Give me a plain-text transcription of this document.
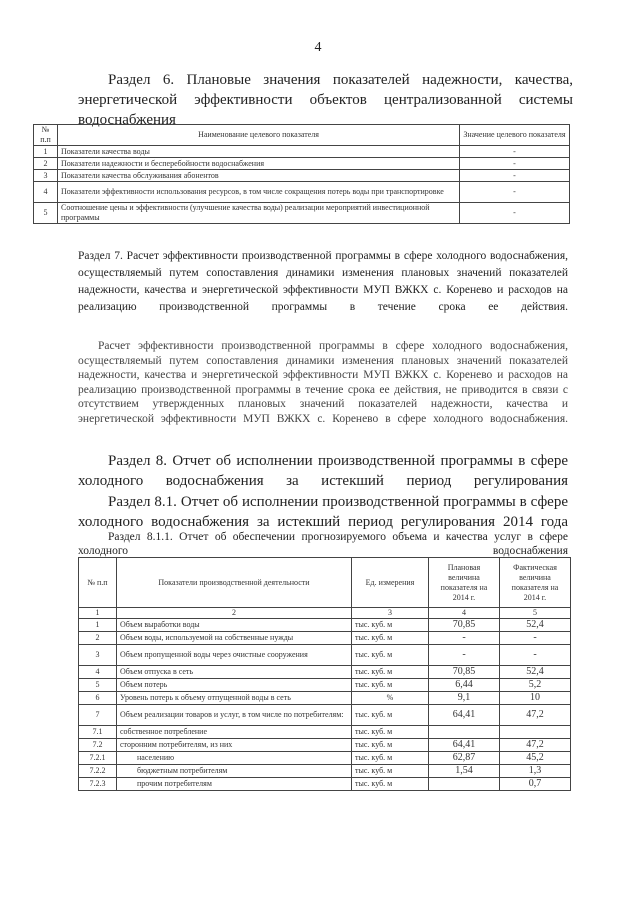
4
Раздел 6. Плановые значения показателей надежности, качества, энергетической эффективности объектов централизованной системы водоснабжения
№ п.п	Наименование целевого показателя	Значение целевого показателя
1	Показатели качества воды	-
2	Показатели надежности и бесперебойности водоснабжения	-
3	Показатели качества обслуживания абонентов	-
4	Показатели эффективности использования ресурсов, в том числе сокращения потерь воды при транспортировке	-
5	Соотношение цены и эффективности (улучшение качества воды) реализации мероприятий инвестиционной программы	-
Раздел 7. Расчет эффективности производственной программы в сфере холодного водоснабжения, осуществляемый путем сопоставления динамики изменения плановых значений показателей надежности, качества и энергетической эффективности МУП ВЖКХ с. Коренево и расходов на реализацию производственной программы в течение срока ее действия.
Расчет эффективности производственной программы в сфере холодного водоснабжения, осуществляемый путем сопоставления динамики изменения плановых значений показателей надежности, качества и энергетической эффективности МУП ВЖКХ с. Коренево и расходов на реализацию производственной программы в течение срока ее действия, не приводится в связи с отсутствием утвержденных плановых значений показателей надежности, качества и энергетической эффективности МУП ВЖКХ с. Коренево в сфере холодного водоснабжения.
Раздел 8. Отчет об исполнении производственной программы в сфере холодного водоснабжения за истекший период регулирования
Раздел 8.1. Отчет об исполнении производственной программы в сфере холодного водоснабжения за истекший период регулирования 2014 года
Раздел 8.1.1. Отчет об обеспечении прогнозируемого объема и качества услуг в сфере холодного водоснабжения
№ п.п	Показатели производственной деятельности	Ед. измерения	Плановая величина показателя на 2014 г.	Фактическая величина показателя на 2014 г.
1	2	3	4	5
1	Объем выработки воды	тыс. куб. м	70,85	52,4
2	Объем воды, используемой на собственные нужды	тыс. куб. м	-	-
3	Объем пропущенной воды через очистные сооружения	тыс. куб. м	-	-
4	Объем отпуска в сеть	тыс. куб. м	70,85	52,4
5	Объем потерь	тыс. куб. м	6,44	5,2
6	Уровень потерь к объему отпущенной воды в сеть	%	9,1	10
7	Объем реализации товаров и услуг, в том числе по потребителям:	тыс. куб. м	64,41	47,2
7.1	собственное потребление	тыс. куб. м		
7.2	сторонним потребителям, из них	тыс. куб. м	64,41	47,2
7.2.1	населению	тыс. куб. м	62,87	45,2
7.2.2	бюджетным потребителям	тыс. куб. м	1,54	1,3
7.2.3	прочим потребителям	тыс. куб. м		0,7
